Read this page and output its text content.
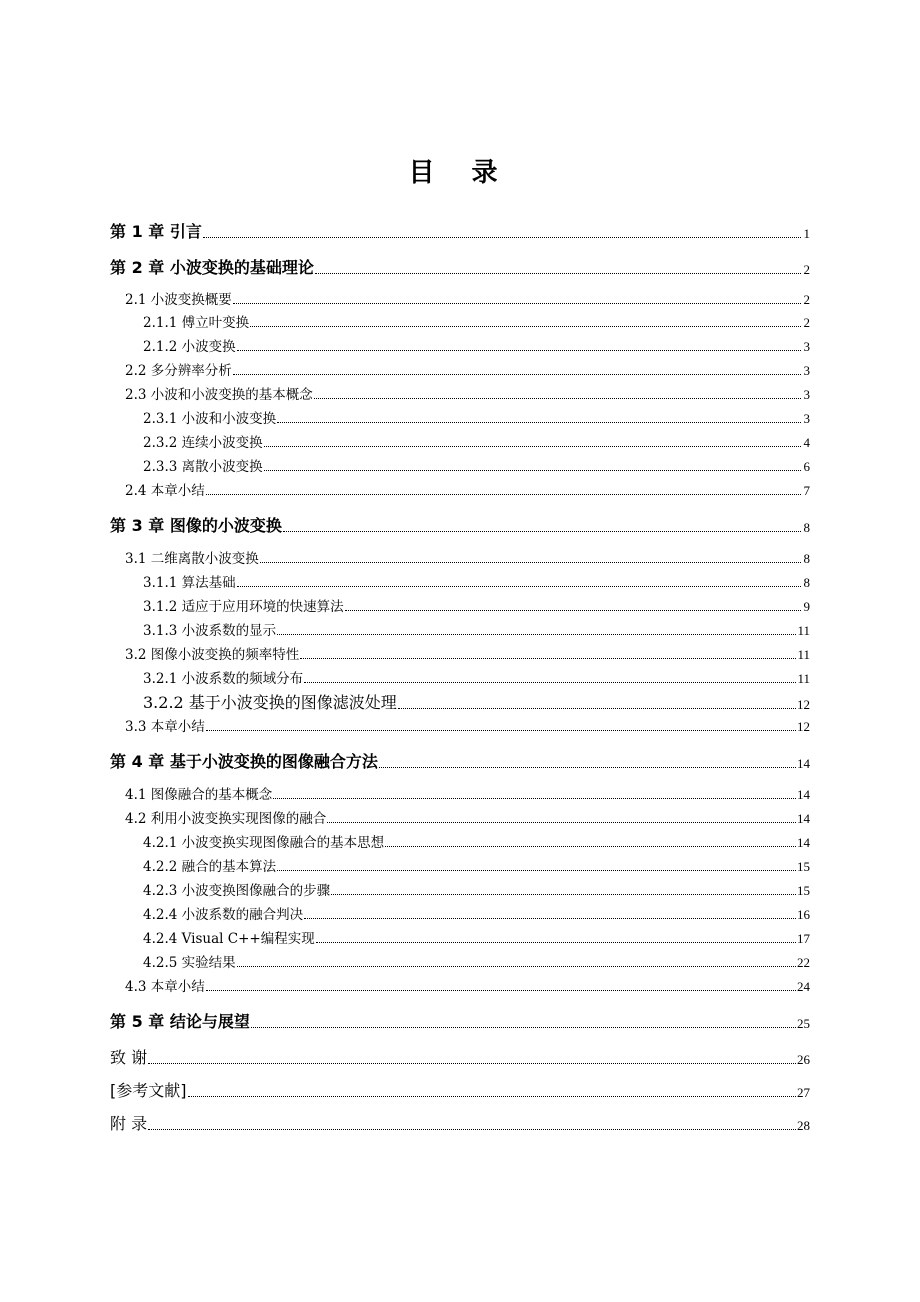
目 录
第 1 章 引言	1
第 2 章 小波变换的基础理论	2
2.1 小波变换概要	2
2.1.1 傅立叶变换	2
2.1.2 小波变换	3
2.2 多分辨率分析	3
2.3 小波和小波变换的基本概念	3
2.3.1 小波和小波变换	3
2.3.2 连续小波变换	4
2.3.3 离散小波变换	6
2.4 本章小结	7
第 3 章 图像的小波变换	8
3.1 二维离散小波变换	8
3.1.1 算法基础	8
3.1.2 适应于应用环境的快速算法	9
3.1.3 小波系数的显示	11
3.2 图像小波变换的频率特性	11
3.2.1 小波系数的频域分布	11
3.2.2 基于小波变换的图像滤波处理	12
3.3 本章小结	12
第 4 章 基于小波变换的图像融合方法	14
4.1 图像融合的基本概念	14
4.2 利用小波变换实现图像的融合	14
4.2.1 小波变换实现图像融合的基本思想	14
4.2.2 融合的基本算法	15
4.2.3 小波变换图像融合的步骤	15
4.2.4 小波系数的融合判决	16
4.2.4 Visual C++编程实现	17
4.2.5 实验结果	22
4.3 本章小结	24
第 5 章 结论与展望	25
致 谢	26
[参考文献]	27
附 录	28
